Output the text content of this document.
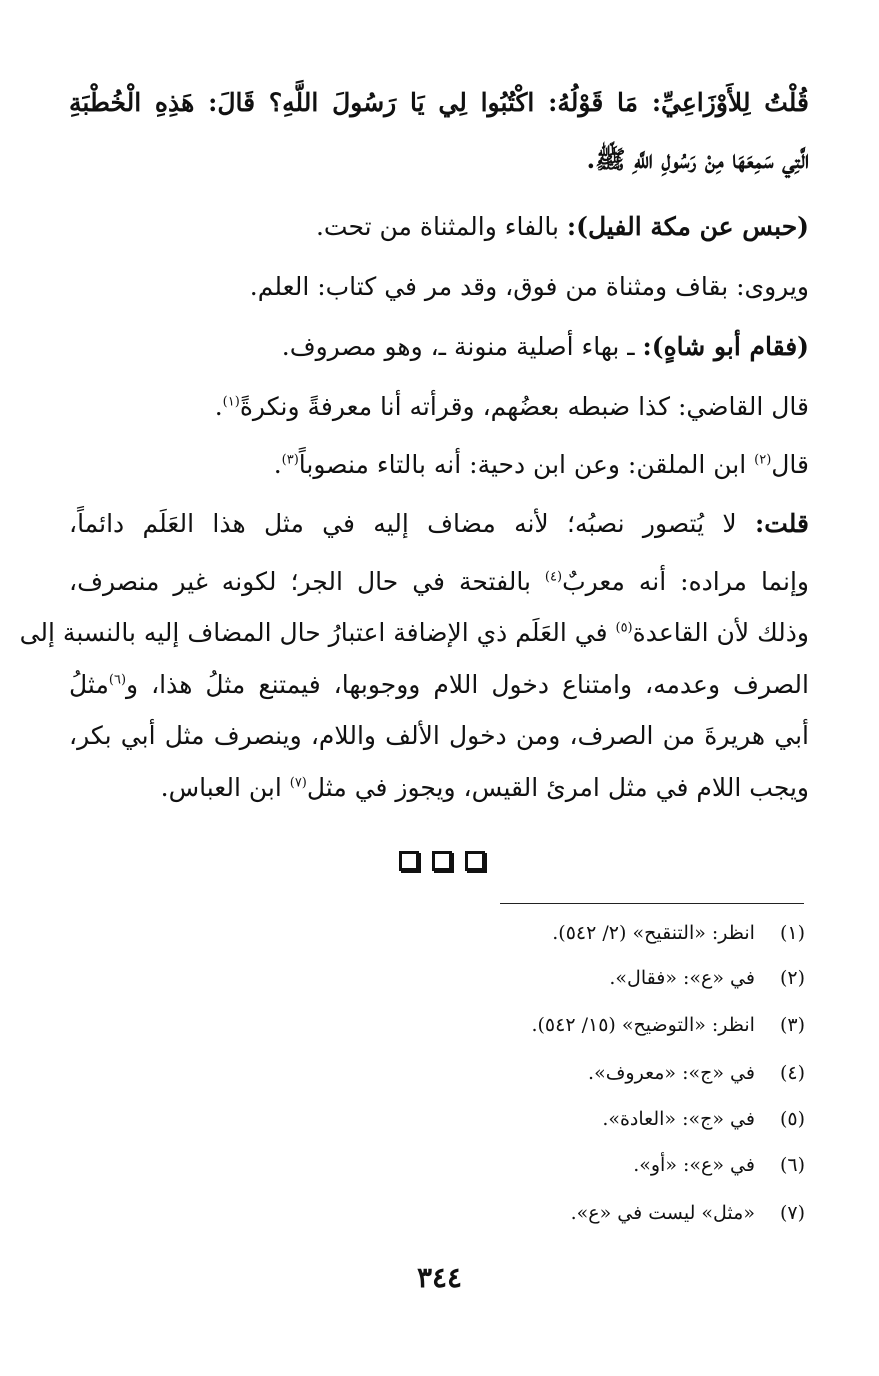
قُلْتُ لِلأَوْزَاعِيِّ: مَا قَوْلُهُ: اكْتُبُوا لِي يَا رَسُولَ اللَّهِ؟ قَالَ: هَذِهِ الْخُطْبَةِ
الَّتِي سَمِعَهَا مِنْ رَسُولِ اللَّهِ ﷺ.
(حبس عن مكة الفيل): بالفاء والمثناة من تحت.
ويروى: بقاف ومثناة من فوق، وقد مر في كتاب: العلم.
(فقام أبو شاهٍ): ـ بهاء أصلية منونة ـ، وهو مصروف.
قال القاضي: كذا ضبطه بعضُهم، وقرأته أنا معرفةً ونكرةً$^{(١)}$.
قال$^{(٢)}$ ابن الملقن: وعن ابن دحية: أنه بالتاء منصوباً$^{(٣)}$.
قلت: لا يُتصور نصبُه؛ لأنه مضاف إليه في مثل هذا العَلَم دائماً،
وإنما مراده: أنه معربٌ$^{(٤)}$ بالفتحة في حال الجر؛ لكونه غير منصرف،
وذلك لأن القاعدة$^{(٥)}$ في العَلَم ذي الإضافة اعتبارُ حال المضاف إليه بالنسبة إلى
الصرف وعدمه، وامتناع دخول اللام ووجوبها، فيمتنع مثلُ هذا، و$^{(٦)}$مثلُ
أبي هريرةَ من الصرف، ومن دخول الألف واللام، وينصرف مثل أبي بكر،
ويجب اللام في مثل امرئ القيس، ويجوز في مثل$^{(٧)}$ ابن العباس.
(١) انظر: «التنقيح» (٢/ ٥٤٢).
(٢) في «ع»: «فقال».
(٣) انظر: «التوضيح» (١٥/ ٥٤٢).
(٤) في «ج»: «معروف».
(٥) في «ج»: «العادة».
(٦) في «ع»: «أو».
(٧) «مثل» ليست في «ع».
٣٤٤
